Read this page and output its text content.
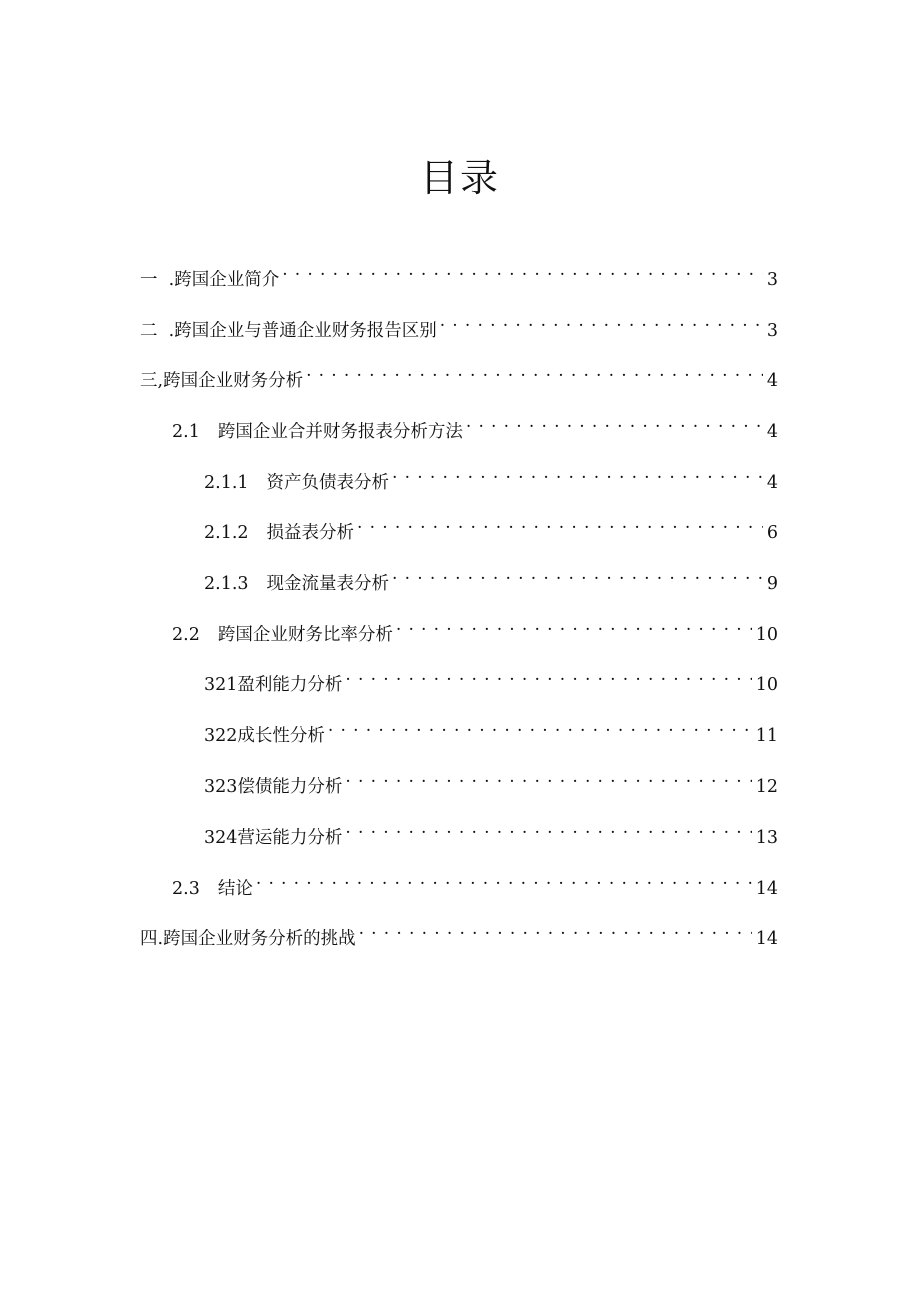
目录
一  . 跨国企业简介 . . .	3
二  . 跨国企业与普通企业财务报告区别 . . .	3
三, 跨国企业财务分析 . . .	4
2.1 跨国企业合并财务报表分析方法 . . .	4
2.1.1 资产负债表分析 . . .	4
2.1.2 损益表分析 . . .	6
2.1.3 现金流量表分析 . . .	9
2.2 跨国企业财务比率分析 . . .	10
321 盈利能力分析 . . .	10
322 成长性分析 . . .	11
323 偿债能力分析 . . .	12
324 营运能力分析 . . .	13
2.3 结论 . . .	14
四. 跨国企业财务分析的挑战 . . .	14
